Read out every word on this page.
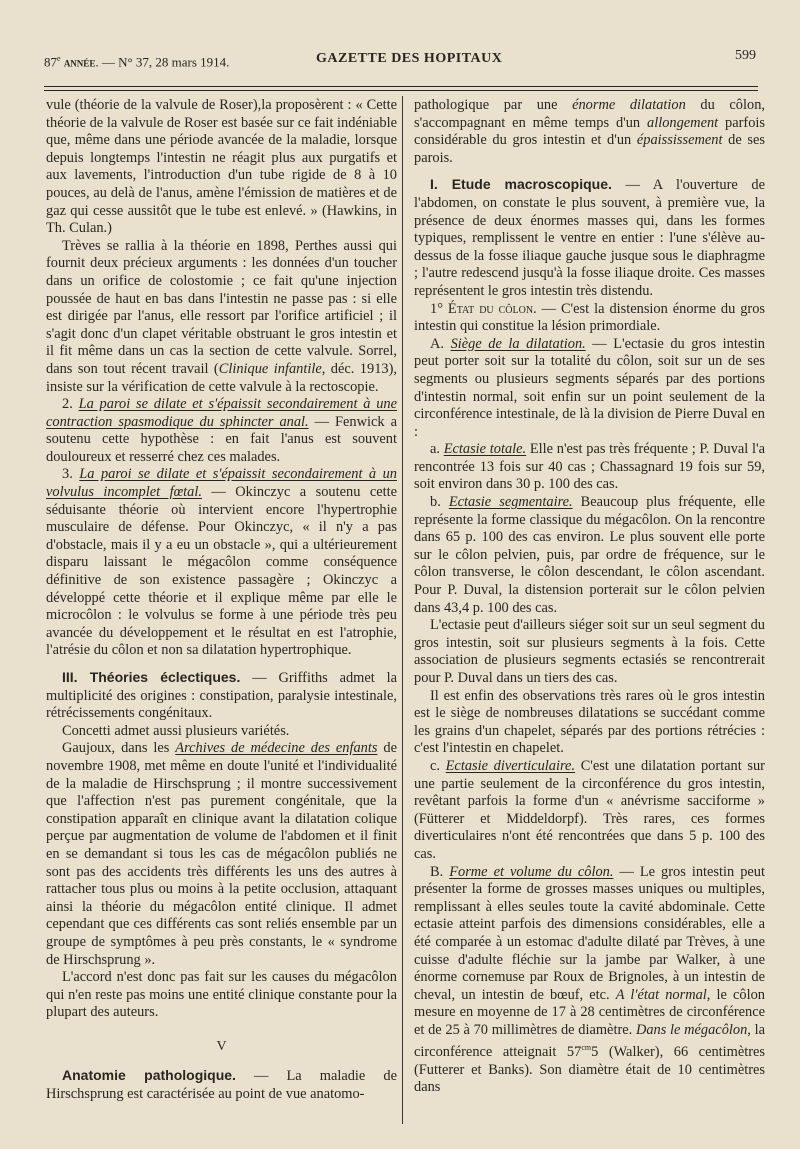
87e année. — N° 37, 28 mars 1914.	GAZETTE DES HOPITAUX	599

vule (théorie de la valvule de Roser),la proposèrent : « Cette théorie de la valvule de Roser est basée sur ce fait indéniable que, même dans une période avancée de la maladie, lorsque depuis longtemps l'intestin ne réagit plus aux purgatifs et aux lavements, l'introduction d'un tube rigide de 8 à 10 pouces, au delà de l'anus, amène l'émission de matières et de gaz qui cesse aussitôt que le tube est enlevé. » (Hawkins, in Th. Culan.)

Trèves se rallia à la théorie en 1898, Perthes aussi qui fournit deux précieux arguments : les données d'un toucher dans un orifice de colostomie ; ce fait qu'une injection poussée de haut en bas dans l'intestin ne passe pas : si elle est dirigée par l'anus, elle ressort par l'orifice artificiel ; il s'agit donc d'un clapet véritable obstruant le gros intestin et il fit même dans un cas la section de cette valvule. Sorrel, dans son tout récent travail (Clinique infantile, déc. 1913), insiste sur la vérification de cette valvule à la rectoscopie.

2. La paroi se dilate et s'épaissit secondairement à une contraction spasmodique du sphincter anal. — Fenwick a soutenu cette hypothèse : en fait l'anus est souvent douloureux et resserré chez ces malades.

3. La paroi se dilate et s'épaissit secondairement à un volvulus incomplet fœtal. — Okinczyc a soutenu cette séduisante théorie où intervient encore l'hypertrophie musculaire de défense. Pour Okinczyc, « il n'y a pas d'obstacle, mais il y a eu un obstacle », qui a ultérieurement disparu laissant le mégacôlon comme conséquence définitive de son existence passagère ; Okinczyc a développé cette théorie et il explique même par elle le microcôlon : le volvulus se forme à une période très peu avancée du développement et le résultat en est l'atrophie, l'atrésie du côlon et non sa dilatation hypertrophique.

III. Théories éclectiques. — Griffiths admet la multiplicité des origines : constipation, paralysie intestinale, rétrécissements congénitaux.

Concetti admet aussi plusieurs variétés.

Gaujoux, dans les Archives de médecine des enfants de novembre 1908, met même en doute l'unité et l'individualité de la maladie de Hirschsprung ; il montre successivement que l'affection n'est pas purement congénitale, que la constipation apparaît en clinique avant la dilatation colique perçue par augmentation de volume de l'abdomen et il finit en se demandant si tous les cas de mégacôlon publiés ne sont pas des accidents très différents les uns des autres à rattacher tous plus ou moins à la petite occlusion, attaquant ainsi la théorie du mégacôlon entité clinique. Il admet cependant que ces différents cas sont reliés ensemble par un groupe de symptômes à peu près constants, le « syndrome de Hirschsprung ».

L'accord n'est donc pas fait sur les causes du mégacôlon qui n'en reste pas moins une entité clinique constante pour la plupart des auteurs.

V

Anatomie pathologique. — La maladie de Hirschsprung est caractérisée au point de vue anatomo-

pathologique par une énorme dilatation du côlon, s'accompagnant en même temps d'un allongement parfois considérable du gros intestin et d'un épaississement de ses parois.

I. Etude macroscopique. — A l'ouverture de l'abdomen, on constate le plus souvent, à première vue, la présence de deux énormes masses qui, dans les formes typiques, remplissent le ventre en entier : l'une s'élève au-dessus de la fosse iliaque gauche jusque sous le diaphragme ; l'autre redescend jusqu'à la fosse iliaque droite. Ces masses représentent le gros intestin très distendu.

1° État du côlon. — C'est la distension énorme du gros intestin qui constitue la lésion primordiale.

A. Siège de la dilatation. — L'ectasie du gros intestin peut porter soit sur la totalité du côlon, soit sur un de ses segments ou plusieurs segments séparés par des portions d'intestin normal, soit enfin sur un point seulement de la circonférence intestinale, de là la division de Pierre Duval en :

a. Ectasie totale. Elle n'est pas très fréquente ; P. Duval l'a rencontrée 13 fois sur 40 cas ; Chassagnard 19 fois sur 59, soit environ dans 30 p. 100 des cas.

b. Ectasie segmentaire. Beaucoup plus fréquente, elle représente la forme classique du mégacôlon. On la rencontre dans 65 p. 100 des cas environ. Le plus souvent elle porte sur le côlon pelvien, puis, par ordre de fréquence, sur le côlon transverse, le côlon descendant, le côlon ascendant. Pour P. Duval, la distension porterait sur le côlon pelvien dans 43,4 p. 100 des cas.

L'ectasie peut d'ailleurs siéger soit sur un seul segment du gros intestin, soit sur plusieurs segments à la fois. Cette association de plusieurs segments ectasiés se rencontrerait pour P. Duval dans un tiers des cas.

Il est enfin des observations très rares où le gros intestin est le siège de nombreuses dilatations se succédant comme les grains d'un chapelet, séparés par des portions rétrécies : c'est l'intestin en chapelet.

c. Ectasie diverticulaire. C'est une dilatation portant sur une partie seulement de la circonférence du gros intestin, revêtant parfois la forme d'un « anévrisme sacciforme » (Fütterer et Middeldorpf). Très rares, ces formes diverticulaires n'ont été rencontrées que dans 5 p. 100 des cas.

B. Forme et volume du côlon. — Le gros intestin peut présenter la forme de grosses masses uniques ou multiples, remplissant à elles seules toute la cavité abdominale. Cette ectasie atteint parfois des dimensions considérables, elle a été comparée à un estomac d'adulte dilaté par Trèves, à une cuisse d'adulte fléchie sur la jambe par Walker, à une énorme cornemuse par Roux de Brignoles, à un intestin de cheval, un intestin de bœuf, etc. A l'état normal, le côlon mesure en moyenne de 17 à 28 centimètres de circonférence et de 25 à 70 millimètres de diamètre. Dans le mégacôlon, la circonférence atteignait $57^{cm}5$ (Walker), 66 centimètres (Futterer et Banks). Son diamètre était de 10 centimètres dans
